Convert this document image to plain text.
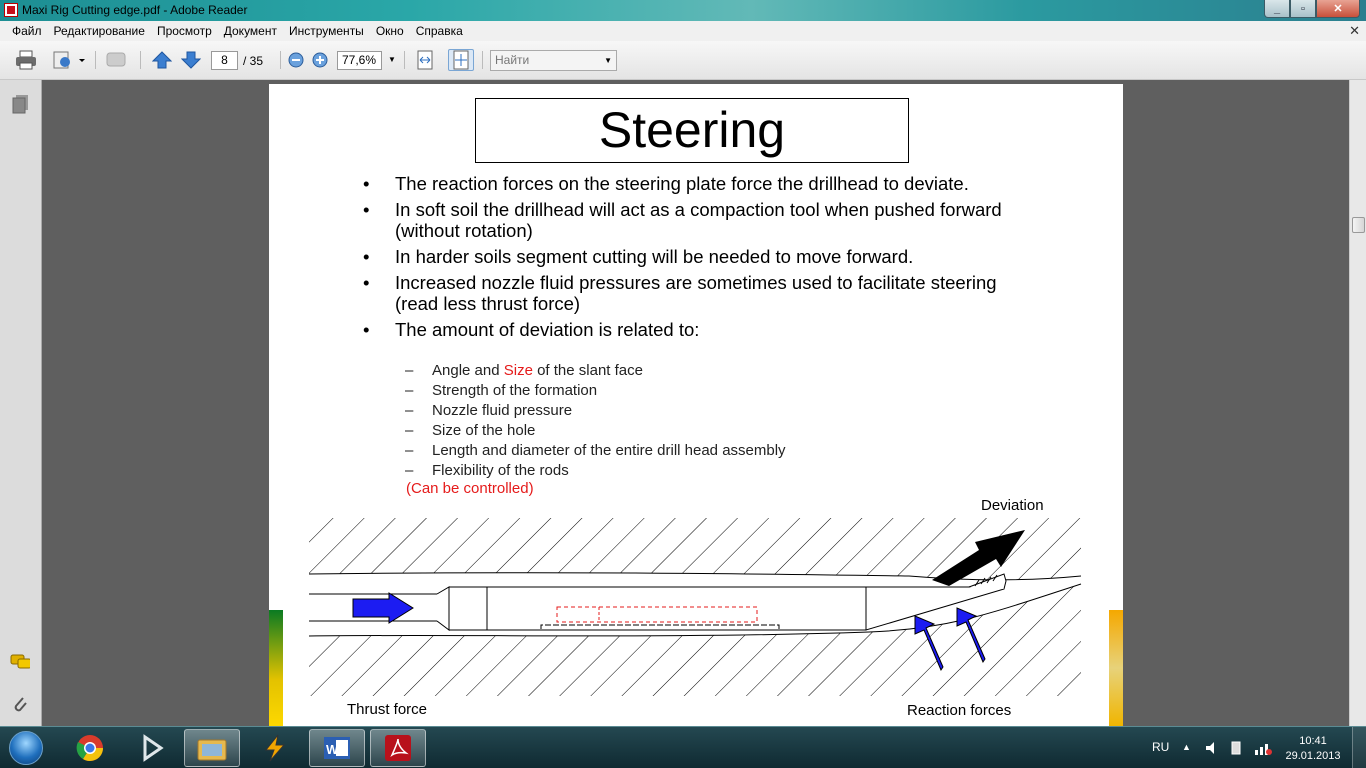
Maxi Rig Cutting edge.pdf - Adobe Reader	_	▫	✕
Файл	Редактирование	Просмотр	Документ	Инструменты	Окно	Справка	✕
8	/ 35	77,6%	▼	Найти	▼
Steering
• The reaction forces on the steering plate force the drillhead to deviate.
• In soft soil the drillhead will act as a compaction tool when pushed forward (without rotation)
• In harder soils segment cutting will be needed to move forward.
• Increased nozzle fluid pressures are sometimes used to facilitate steering (read less thrust force)
• The amount of deviation is related to:
– Angle and Size of the slant face
– Strength of the formation
– Nozzle fluid pressure
– Size of the hole
– Length and diameter of the entire drill head assembly
– Flexibility of the rods
(Can be controlled)
Deviation
Thrust force	Reaction forces
W	RU ▲	10:41
29.01.2013
